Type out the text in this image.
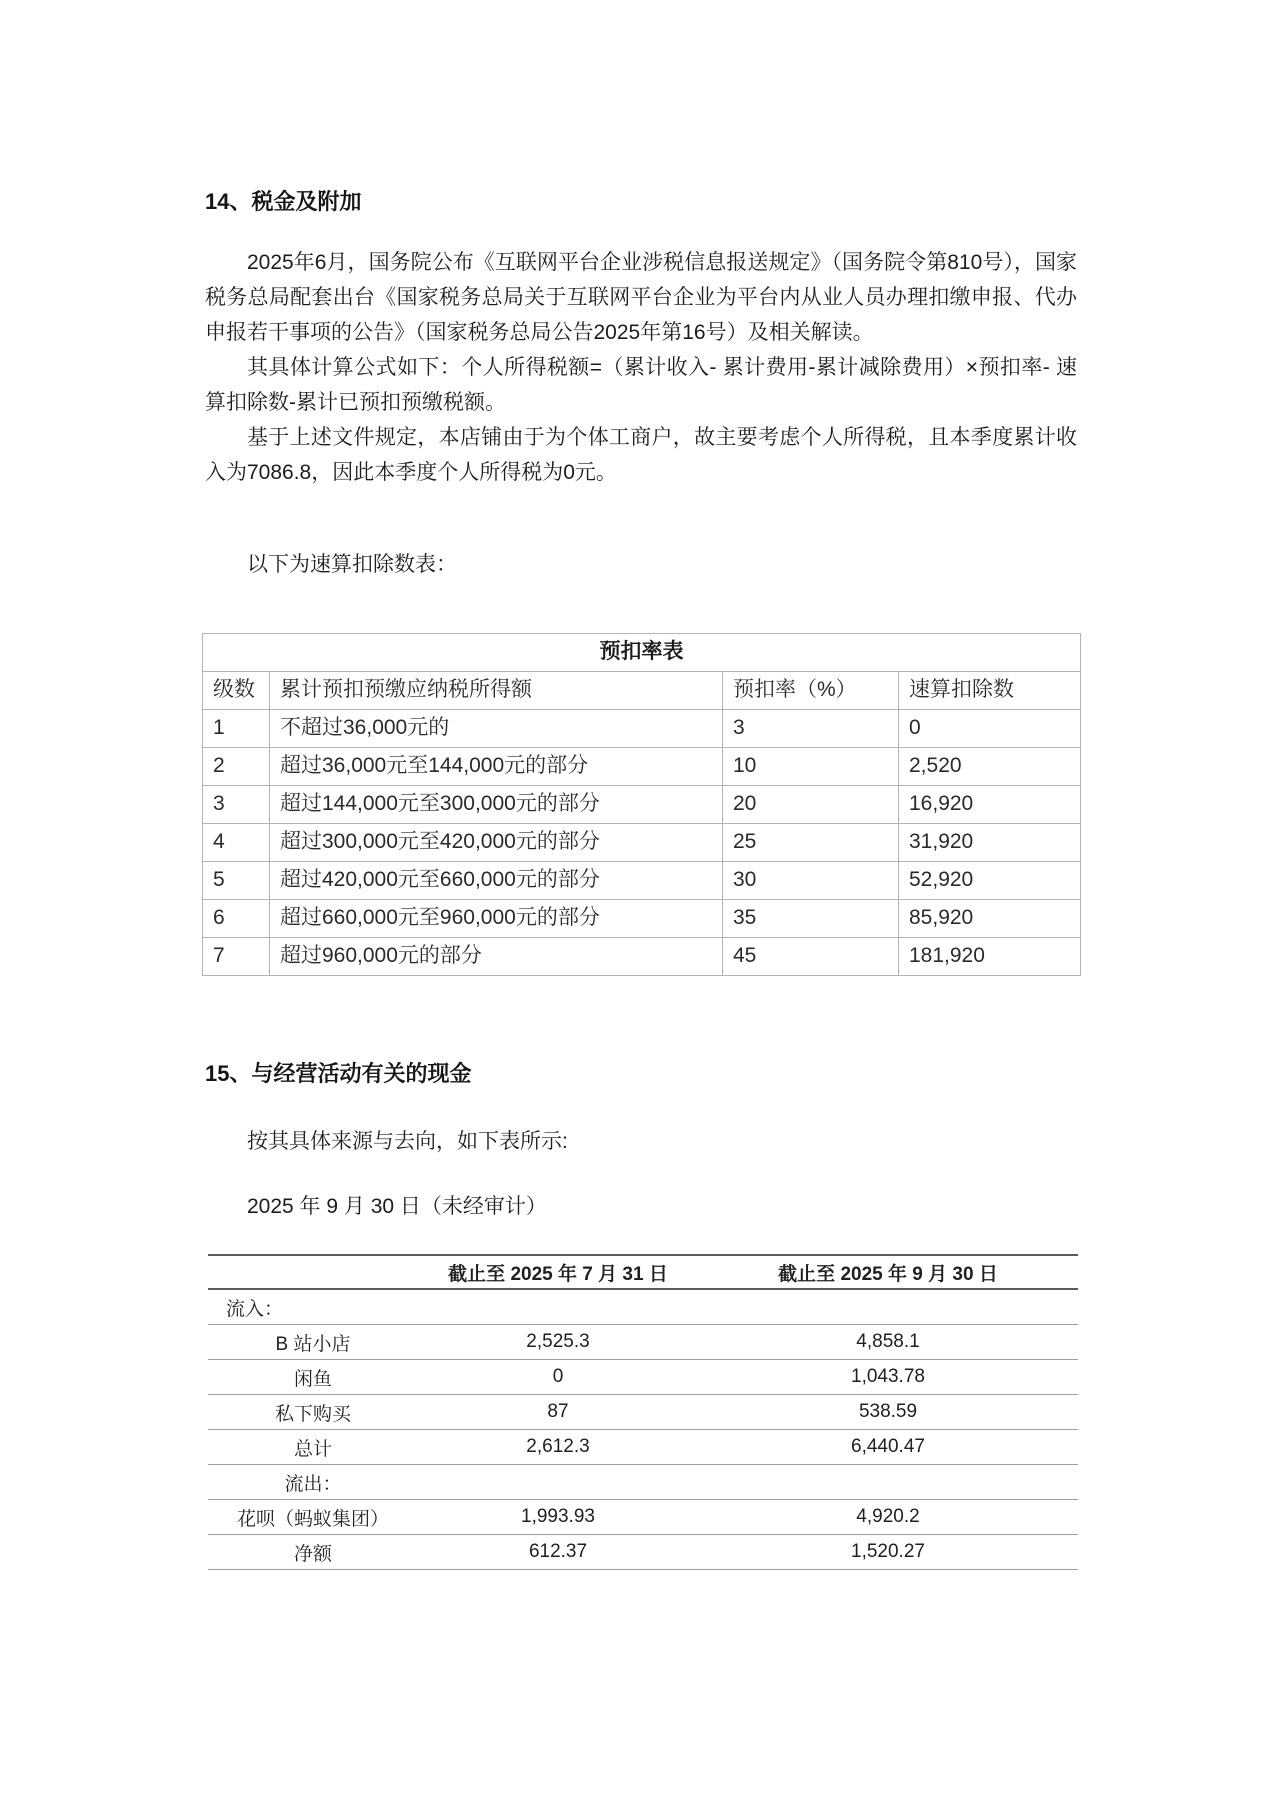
14、税金及附加

2025年6月，国务院公布《互联网平台企业涉税信息报送规定》（国务院令第810号），国家税务总局配套出台《国家税务总局关于互联网平台企业为平台内从业人员办理扣缴申报、代办申报若干事项的公告》（国家税务总局公告2025年第16号）及相关解读。

其具体计算公式如下：个人所得税额=（累计收入- 累计费用-累计减除费用）×预扣率- 速算扣除数-累计已预扣预缴税额。

基于上述文件规定，本店铺由于为个体工商户，故主要考虑个人所得税，且本季度累计收入为7086.8，因此本季度个人所得税为0元。

以下为速算扣除数表：

预扣率表			
级数	累计预扣预缴应纳税所得额	预扣率（%）	速算扣除数
1	不超过36,000元的	3	0
2	超过36,000元至144,000元的部分	10	2,520
3	超过144,000元至300,000元的部分	20	16,920
4	超过300,000元至420,000元的部分	25	31,920
5	超过420,000元至660,000元的部分	30	52,920
6	超过660,000元至960,000元的部分	35	85,920
7	超过960,000元的部分	45	181,920
15、与经营活动有关的现金

按其具体来源与去向，如下表所示:

2025 年 9 月 30 日（未经审计）

	截止至 2025 年 7 月 31 日	截止至 2025 年 9 月 30 日
流入：		
B 站小店	2,525.3	4,858.1
闲鱼	0	1,043.78
私下购买	87	538.59
总计	2,612.3	6,440.47
流出：		
花呗（蚂蚁集团）	1,993.93	4,920.2
净额	612.37	1,520.27
